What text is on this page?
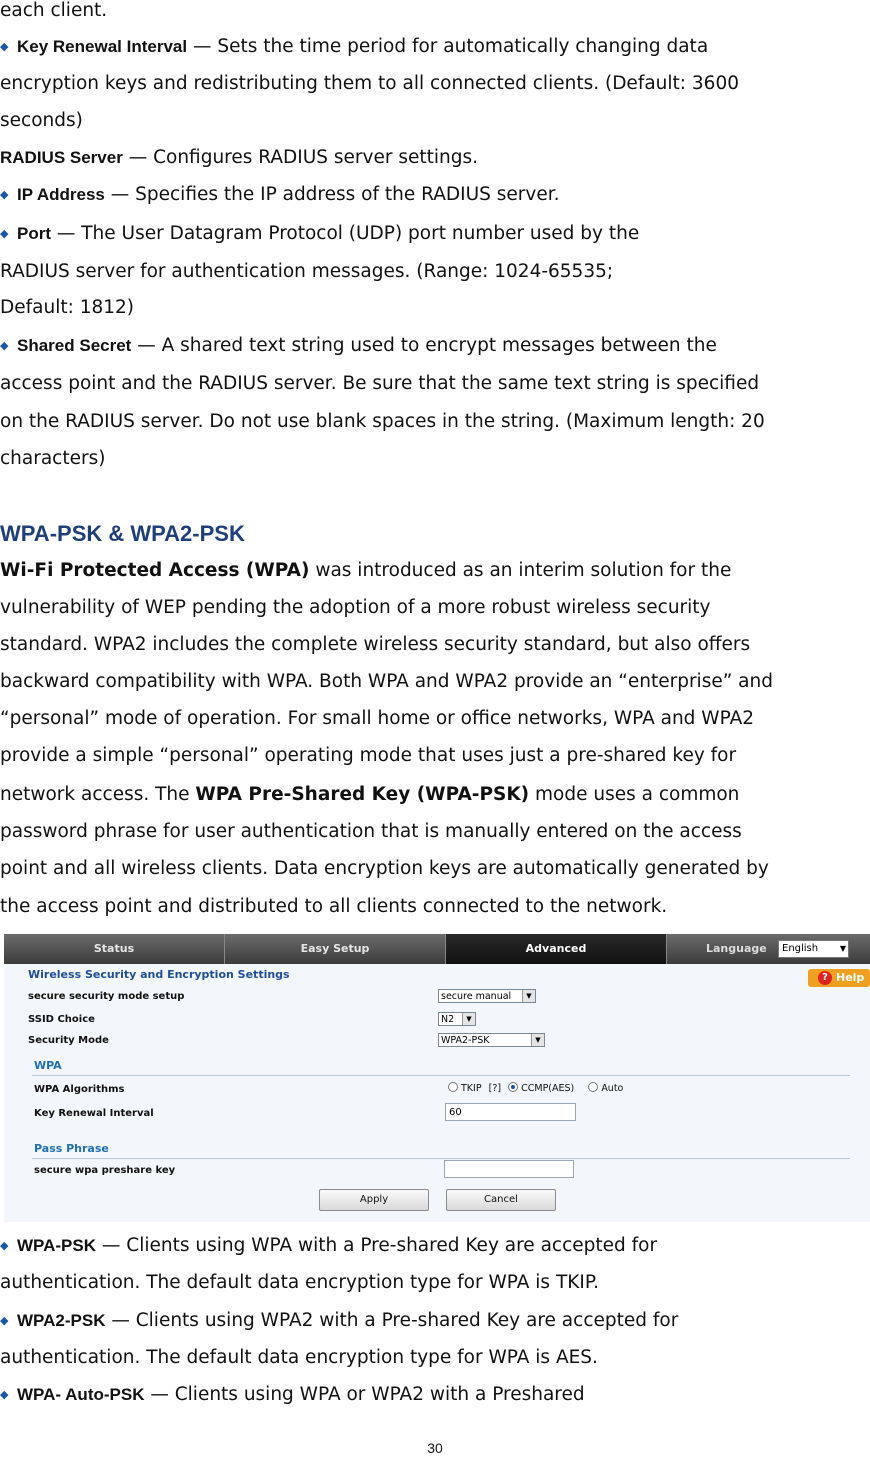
each client.
◆ Key Renewal Interval — Sets the time period for automatically changing data
encryption keys and redistributing them to all connected clients. (Default: 3600
seconds)
RADIUS Server — Configures RADIUS server settings.
◆ IP Address — Specifies the IP address of the RADIUS server.
◆ Port — The User Datagram Protocol (UDP) port number used by the
RADIUS server for authentication messages. (Range: 1024-65535;
Default: 1812)
◆ Shared Secret — A shared text string used to encrypt messages between the
access point and the RADIUS server. Be sure that the same text string is specified
on the RADIUS server. Do not use blank spaces in the string. (Maximum length: 20
characters)
WPA-PSK & WPA2-PSK
Wi-Fi Protected Access (WPA) was introduced as an interim solution for the
vulnerability of WEP pending the adoption of a more robust wireless security
standard. WPA2 includes the complete wireless security standard, but also offers
backward compatibility with WPA. Both WPA and WPA2 provide an “enterprise” and
“personal” mode of operation. For small home or office networks, WPA and WPA2
provide a simple “personal” operating mode that uses just a pre-shared key for
network access. The WPA Pre-Shared Key (WPA-PSK) mode uses a common
password phrase for user authentication that is manually entered on the access
point and all wireless clients. Data encryption keys are automatically generated by
the access point and distributed to all clients connected to the network.
Status	Easy Setup	Advanced	Language	English	▼
Wireless Security and Encryption Settings	? Help
secure security mode setup	secure manual	▼
SSID Choice	N2	▼
Security Mode	WPA2-PSK	▼
WPA
WPA Algorithms	TKIP [?] CCMP(AES)	Auto
Key Renewal Interval	60
Pass Phrase
secure wpa preshare key
Apply	Cancel
◆ WPA-PSK — Clients using WPA with a Pre-shared Key are accepted for
authentication. The default data encryption type for WPA is TKIP.
◆ WPA2-PSK — Clients using WPA2 with a Pre-shared Key are accepted for
authentication. The default data encryption type for WPA is AES.
◆ WPA- Auto-PSK — Clients using WPA or WPA2 with a Preshared
30
